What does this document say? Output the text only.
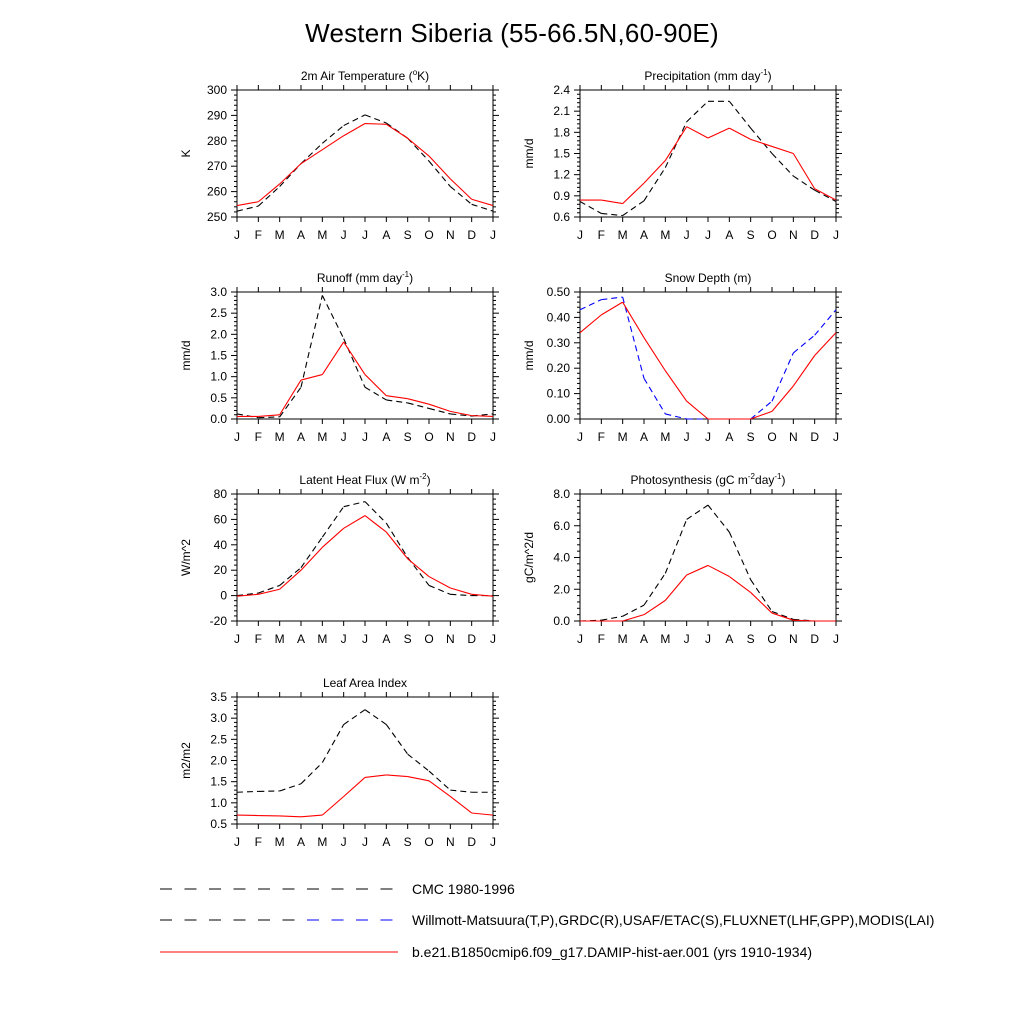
Western Siberia (55-66.5N,60-90E)
J F M A M J J A S O N D J
250
260
270
280
290
300
2m Air Temperature ($^o$K)
K
J F M A M J J A S O N D J
0.6
0.9
1.2
1.5
1.8
2.1
2.4
Precipitation (mm day$^{-1}$)
mm/d
J F M A M J J A S O N D J
0.0
0.5
1.0
1.5
2.0
2.5
3.0
Runoff (mm day$^{-1}$)
mm/d
J F M A M J J A S O N D J
0.00
0.10
0.20
0.30
0.40
0.50
Snow Depth (m)
mm/d
J F M A M J J A S O N D J
-20
0
20
40
60
80
Latent Heat Flux (W $m^{-2}$)
W/m^2
J F M A M J J A S O N D J
0.0
2.0
4.0
6.0
8.0
Photosynthesis (gC $m^{-2}day^{-1}$)
gC/m^2/d
J F M A M J J A S O N D J
0.5
1.0
1.5
2.0
2.5
3.0
3.5
Leaf Area Index
m2/m2
CMC 1980-1996
Willmott-Matsuura(T,P),GRDC(R),USAF/ETAC(S),FLUXNET(LHF,GPP),MODIS(LAI)
b.e21.B1850cmip6.f09_g17.DAMIP-hist-aer.001 (yrs 1910-1934)
